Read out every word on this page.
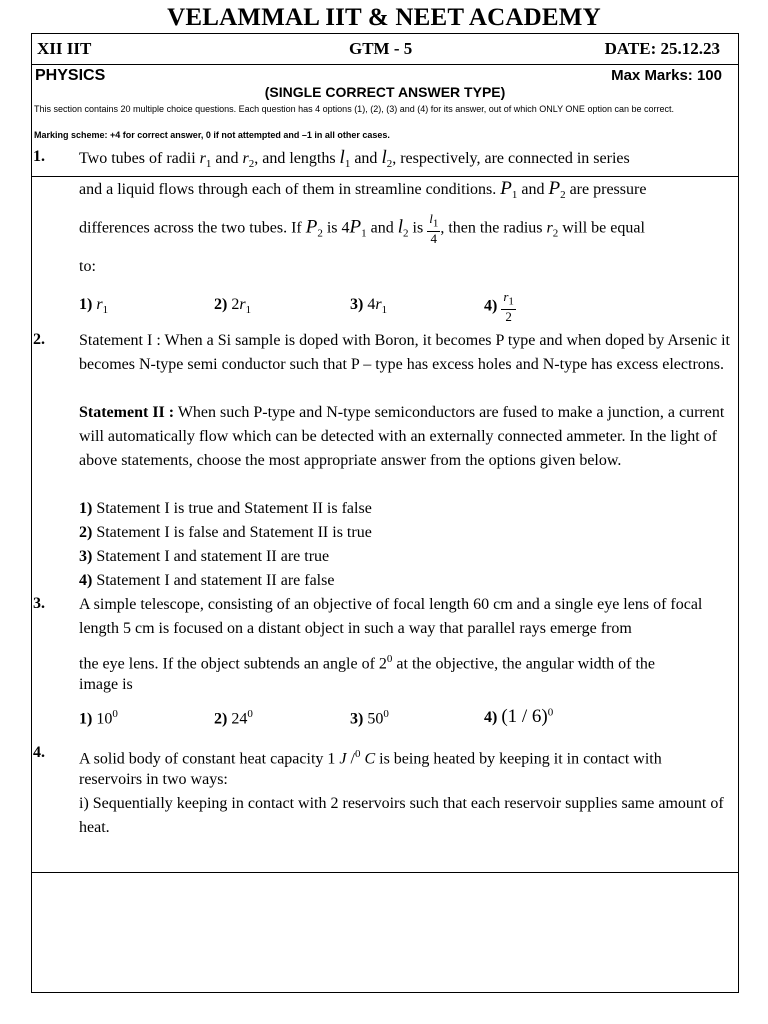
VELAMMAL IIT & NEET ACADEMY
XII IIT	GTM - 5	DATE: 25.12.23
PHYSICS	Max Marks: 100
(SINGLE CORRECT ANSWER TYPE)
This section contains 20 multiple choice questions. Each question has 4 options (1), (2), (3) and (4) for its answer, out of which ONLY ONE option can be correct.
Marking scheme: +4 for correct answer, 0 if not attempted and –1 in all other cases.
1. Two tubes of radii $r_1$ and $r_2$, and lengths $l_1$ and $l_2$, respectively, are connected in series
and a liquid flows through each of them in streamline conditions. $P_1$ and $P_2$ are pressure
differences across the two tubes. If $P_2$ is $4P_1$ and $l_2$ is $\frac{l_1}{4}$ , then the radius $r_2$ will be equal
to:
1) $r_1$	2) $2r_1$	3) $4r_1$	$4) \frac{r_1}{2}$
2. Statement I : When a Si sample is doped with Boron, it becomes P type and when doped by Arsenic it becomes N-type semi conductor such that P – type has excess holes and N-type has excess electrons.
Statement II : When such P-type and N-type semiconductors are fused to make a junction, a current will automatically flow which can be detected with an externally connected ammeter. In the light of above statements, choose the most appropriate answer from the options given below.
1) Statement I is true and Statement II is false
2) Statement I is false and Statement II is true
3) Statement I and statement II are true
4) Statement I and statement II are false
3. A simple telescope, consisting of an objective of focal length 60 cm and a single eye lens of focal length 5 cm is focused on a distant object in such a way that parallel rays emerge from
the eye lens. If the object subtends an angle of $2^0$ at the objective, the angular width of the
image is
1) $10^0$	2) $24^0$	3) $50^0$	4) (1 / 6)$^0$
4. A solid body of constant heat capacity 1 J /$^0$ C is being heated by keeping it in contact with
reservoirs in two ways:
i) Sequentially keeping in contact with 2 reservoirs such that each reservoir supplies same amount of heat.
